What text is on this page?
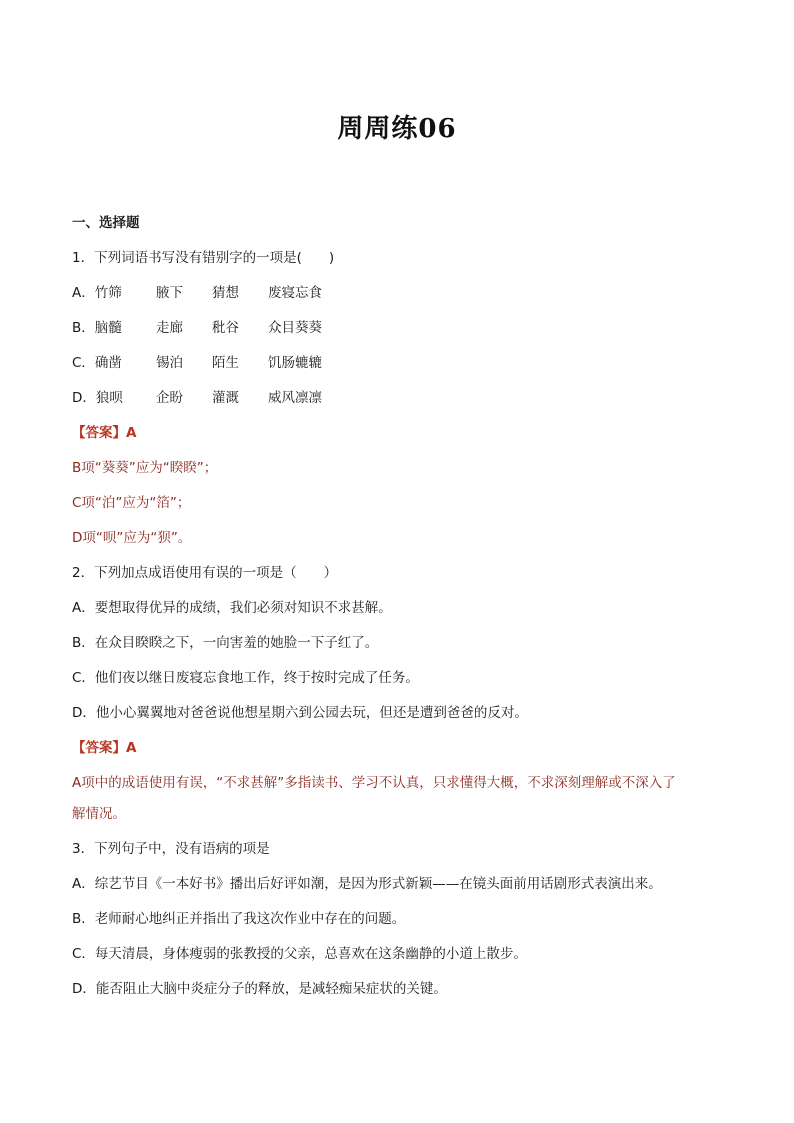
周周练06
一、选择题
1．下列词语书写没有错别字的一项是(　　)
A．竹筛	腋下	猜想	废寝忘食
B．脑髓	走廊	秕谷	众目葵葵
C．确凿	锡泊	陌生	饥肠辘辘
D．狼呗	企盼	灌溉	威风凛凛
【答案】A
B项“葵葵”应为“睽睽”；
C项“泊”应为“箔”；
D项“呗”应为“狈”。
2．下列加点成语使用有误的一项是（　　）
A．要想取得优异的成绩，我们必须对知识不求甚解。
B．在众目睽睽之下，一向害羞的她脸一下子红了。
C．他们夜以继日废寝忘食地工作，终于按时完成了任务。
D．他小心翼翼地对爸爸说他想星期六到公园去玩，但还是遭到爸爸的反对。
【答案】A
A项中的成语使用有误，“不求甚解”多指读书、学习不认真，只求懂得大概，不求深刻理解或不深入了
解情况。
3．下列句子中，没有语病的项是
A．综艺节目《一本好书》播出后好评如潮，是因为形式新颖——在镜头面前用话剧形式表演出来。
B．老师耐心地纠正并指出了我这次作业中存在的问题。
C．每天清晨，身体瘦弱的张教授的父亲，总喜欢在这条幽静的小道上散步。
D．能否阻止大脑中炎症分子的释放，是减轻痴呆症状的关键。
